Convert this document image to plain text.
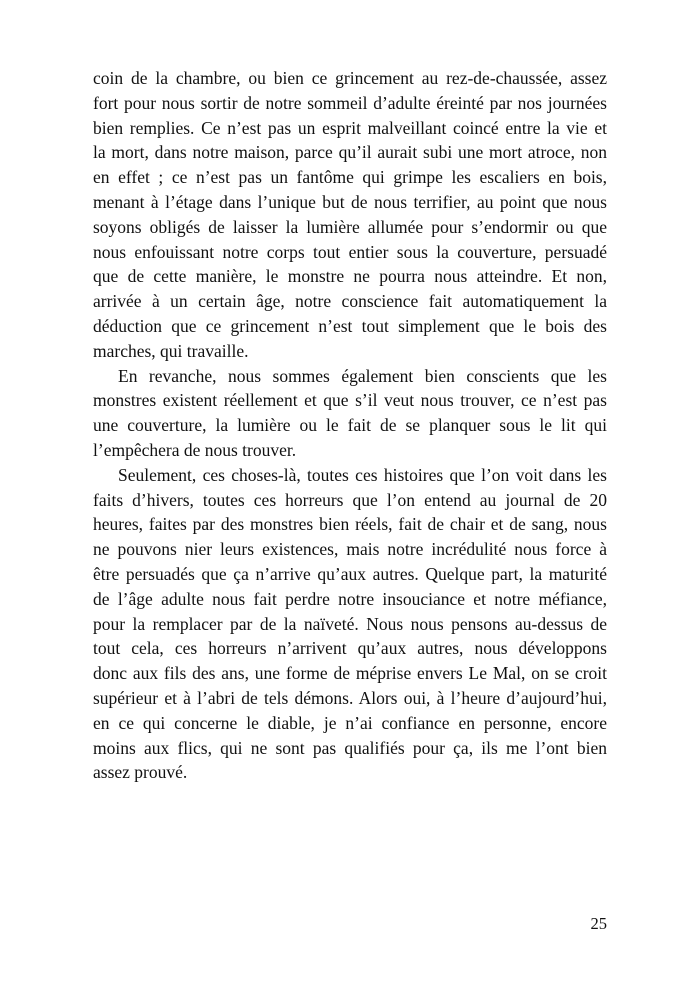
coin de la chambre, ou bien ce grincement au rez-de-chaussée, assez
fort pour nous sortir de notre sommeil d’adulte éreinté par nos journées
bien remplies. Ce n’est pas un esprit malveillant coincé entre la vie et
la mort, dans notre maison, parce qu’il aurait subi une mort atroce, non
en effet ; ce n’est pas un fantôme qui grimpe les escaliers en bois,
menant à l’étage dans l’unique but de nous terrifier, au point que nous
soyons obligés de laisser la lumière allumée pour s’endormir ou que
nous enfouissant notre corps tout entier sous la couverture, persuadé
que de cette manière, le monstre ne pourra nous atteindre. Et non,
arrivée à un certain âge, notre conscience fait automatiquement la
déduction que ce grincement n’est tout simplement que le bois des
marches, qui travaille.
En revanche, nous sommes également bien conscients que les
monstres existent réellement et que s’il veut nous trouver, ce n’est pas
une couverture, la lumière ou le fait de se planquer sous le lit qui
l’empêchera de nous trouver.
Seulement, ces choses-là, toutes ces histoires que l’on voit dans les
faits d’hivers, toutes ces horreurs que l’on entend au journal de 20
heures, faites par des monstres bien réels, fait de chair et de sang, nous
ne pouvons nier leurs existences, mais notre incrédulité nous force à
être persuadés que ça n’arrive qu’aux autres. Quelque part, la maturité
de l’âge adulte nous fait perdre notre insouciance et notre méfiance,
pour la remplacer par de la naïveté. Nous nous pensons au-dessus de
tout cela, ces horreurs n’arrivent qu’aux autres, nous développons
donc aux fils des ans, une forme de méprise envers Le Mal, on se croit
supérieur et à l’abri de tels démons. Alors oui, à l’heure d’aujourd’hui,
en ce qui concerne le diable, je n’ai confiance en personne, encore
moins aux flics, qui ne sont pas qualifiés pour ça, ils me l’ont bien
assez prouvé.
25
